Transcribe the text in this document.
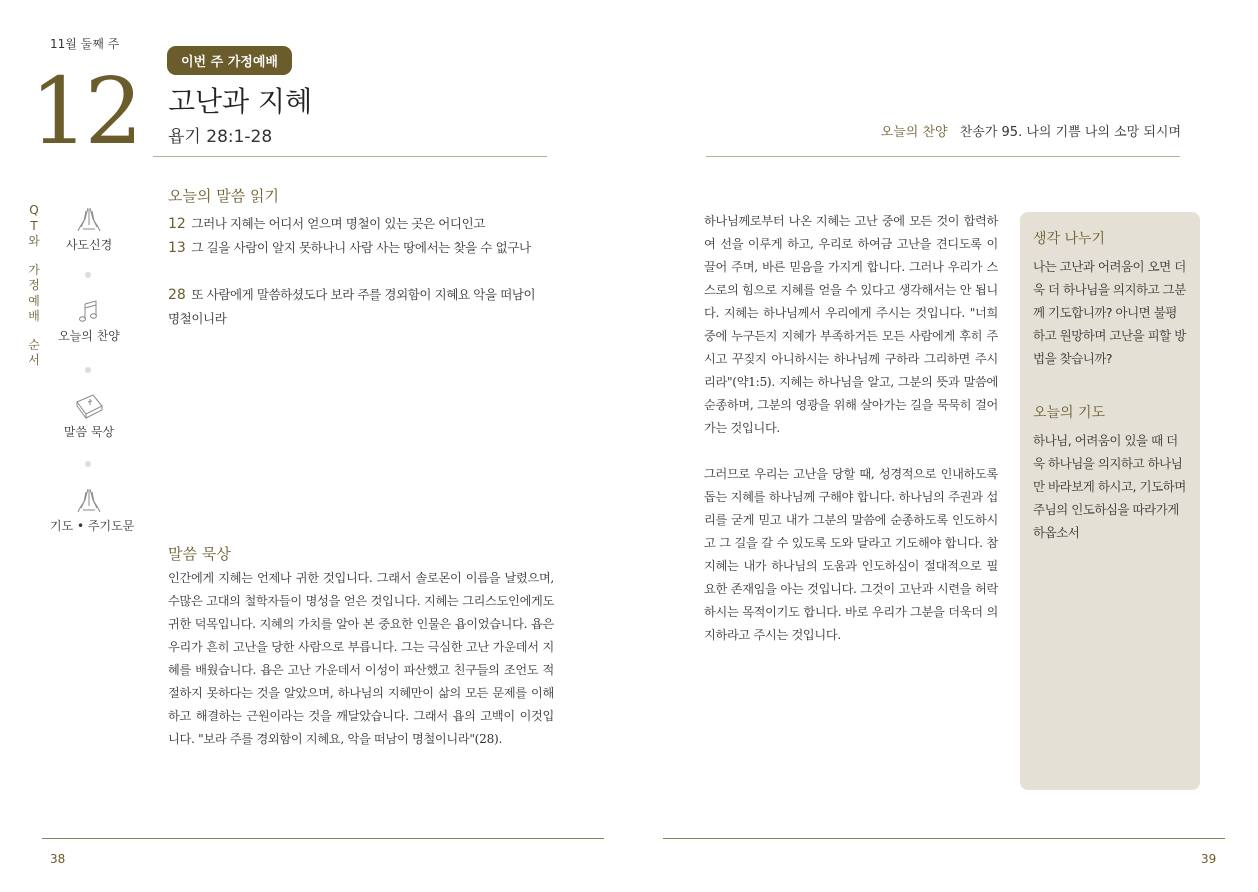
11월 둘째 주
12	이번 주 가정예배
고난과 지혜
욥기 28:1-28	오늘의 찬양 찬송가 95. 나의 기쁨 나의 소망 되시며
Q
T
와
가
정
예
배
순
서
사도신경
오늘의 찬양
말씀 묵상
기도 • 주기도문
오늘의 말씀 읽기
12 그러나 지혜는 어디서 얻으며 명철이 있는 곳은 어디인고
13 그 길을 사람이 알지 못하나니 사람 사는 땅에서는 찾을 수 없구나
28 또 사람에게 말씀하셨도다 보라 주를 경외함이 지혜요 악을 떠남이 명철이니라
말씀 묵상
인간에게 지혜는 언제나 귀한 것입니다. 그래서 솔로몬이 이름을 날렸으며, 수많은 고대의 철학자들이 명성을 얻은 것입니다. 지혜는 그리스도인에게도 귀한 덕목입니다. 지혜의 가치를 알아 본 중요한 인물은 욥이었습니다. 욥은 우리가 흔히 고난을 당한 사람으로 부릅니다. 그는 극심한 고난 가운데서 지혜를 배웠습니다. 욥은 고난 가운데서 이성이 파산했고 친구들의 조언도 적절하지 못하다는 것을 알았으며, 하나님의 지혜만이 삶의 모든 문제를 이해하고 해결하는 근원이라는 것을 깨달았습니다. 그래서 욥의 고백이 이것입니다. "보라 주를 경외함이 지혜요, 악을 떠남이 명철이니라"(28).
하나님께로부터 나온 지혜는 고난 중에 모든 것이 합력하여 선을 이루게 하고, 우리로 하여금 고난을 견디도록 이끌어 주며, 바른 믿음을 가지게 합니다. 그러나 우리가 스스로의 힘으로 지혜를 얻을 수 있다고 생각해서는 안 됩니다. 지혜는 하나님께서 우리에게 주시는 것입니다. "너희 중에 누구든지 지혜가 부족하거든 모든 사람에게 후히 주시고 꾸짖지 아니하시는 하나님께 구하라 그리하면 주시리라"(약1:5). 지혜는 하나님을 알고, 그분의 뜻과 말씀에 순종하며, 그분의 영광을 위해 살아가는 길을 묵묵히 걸어가는 것입니다.
그러므로 우리는 고난을 당할 때, 성경적으로 인내하도록 돕는 지혜를 하나님께 구해야 합니다. 하나님의 주권과 섭리를 굳게 믿고 내가 그분의 말씀에 순종하도록 인도하시고 그 길을 갈 수 있도록 도와 달라고 기도해야 합니다. 참 지혜는 내가 하나님의 도움과 인도하심이 절대적으로 필요한 존재임을 아는 것입니다. 그것이 고난과 시련을 허락하시는 목적이기도 합니다. 바로 우리가 그분을 더욱더 의지하라고 주시는 것입니다.
생각 나누기
나는 고난과 어려움이 오면 더욱 더 하나님을 의지하고 그분께 기도합니까? 아니면 불평하고 원망하며 고난을 피할 방법을 찾습니까?
오늘의 기도
하나님, 어려움이 있을 때 더욱 하나님을 의지하고 하나님만 바라보게 하시고, 기도하며 주님의 인도하심을 따라가게 하옵소서
38	39
